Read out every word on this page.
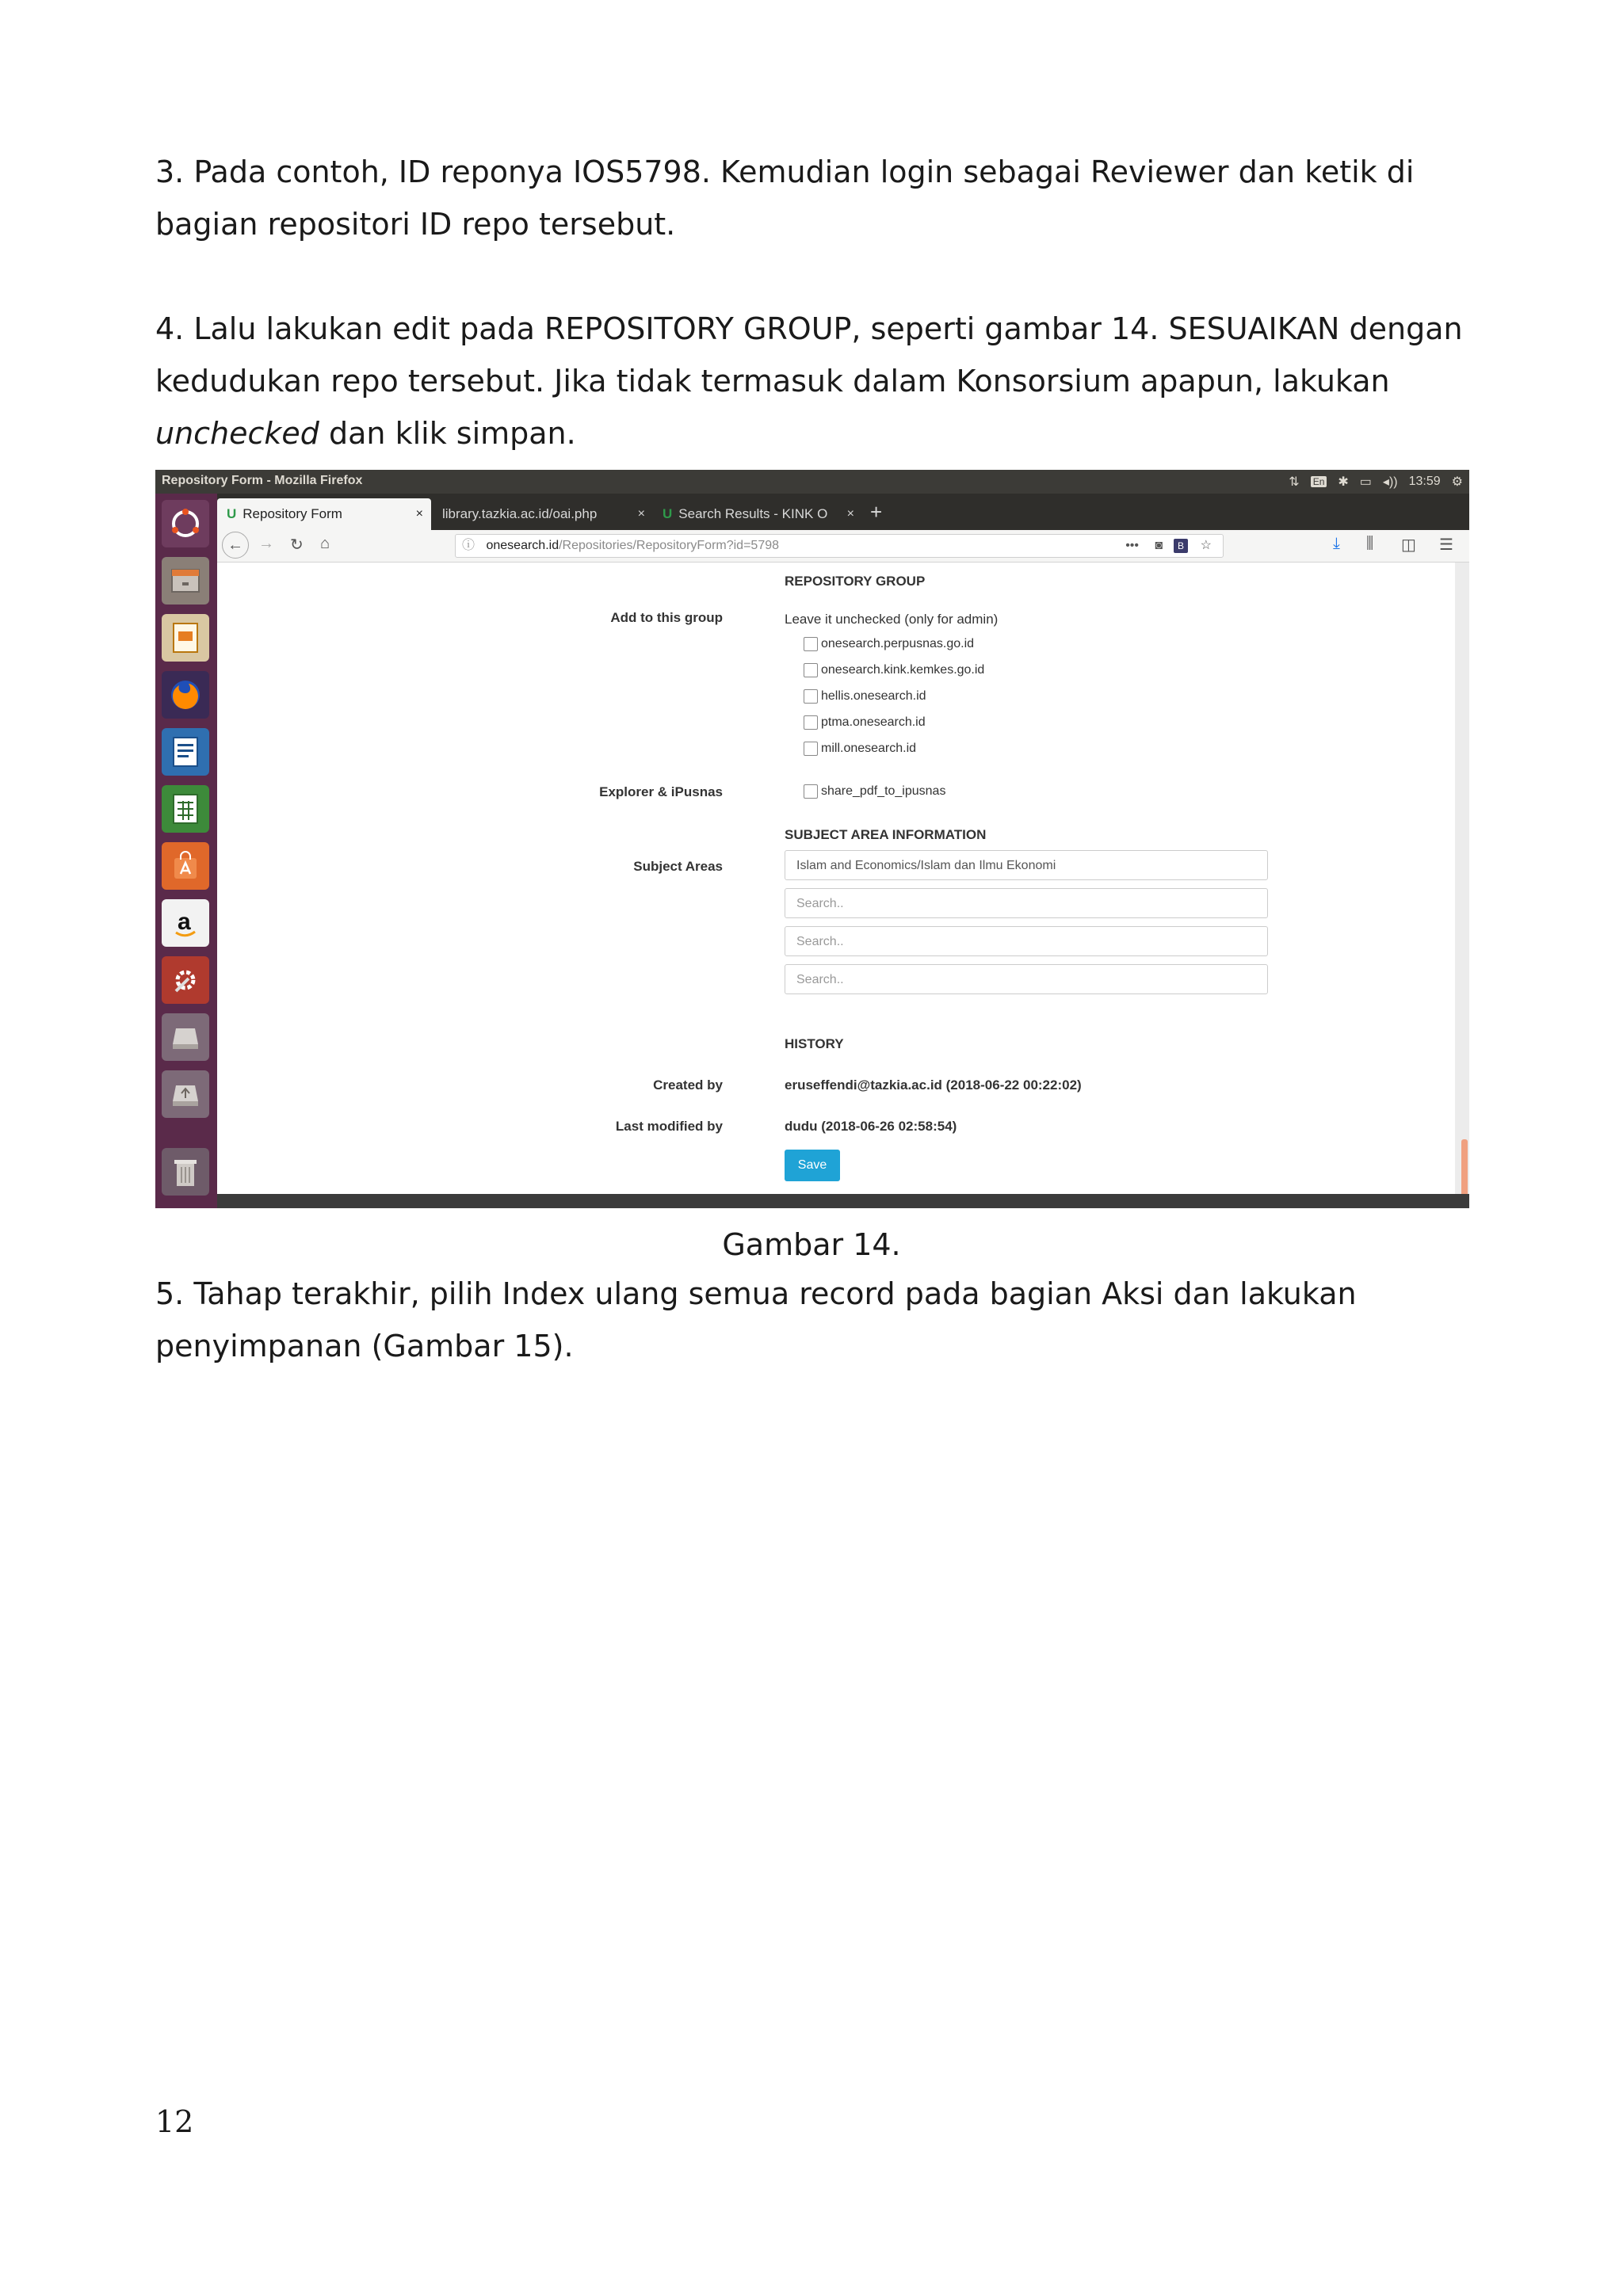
3. Pada contoh, ID reponya IOS5798. Kemudian login sebagai Reviewer dan ketik di
bagian repositori ID repo tersebut.

4. Lalu lakukan edit pada REPOSITORY GROUP, seperti gambar 14. SESUAIKAN dengan
kedudukan repo tersebut. Jika tidak termasuk dalam Konsorsium apapun, lakukan
unchecked dan klik simpan.

Repository Form - Mozilla Firefox	⇅ En ✱ ▭ ◂)) 13:59 ⚙
a
U Repository Form	× library.tazkia.ac.id/oai.php	× U Search Results - KINK O × +
← → ↻ ⌂	ⓘ onesearch.id/Repositories/RepositoryForm?id=5798	••• ◙	B	☆	⤓ ⫼ ◫ ☰
REPOSITORY GROUP
Add to this group	Leave it unchecked (only for admin)
onesearch.perpusnas.go.id
onesearch.kink.kemkes.go.id
hellis.onesearch.id
ptma.onesearch.id
mill.onesearch.id
Explorer & iPusnas	share_pdf_to_ipusnas
SUBJECT AREA INFORMATION
Subject Areas	Islam and Economics/Islam dan Ilmu Ekonomi
Search..
Search..
Search..
HISTORY
Created by	eruseffendi@tazkia.ac.id (2018-06-22 00:22:02)
Last modified by	dudu (2018-06-26 02:58:54)
Save
Gambar 14.

5. Tahap terakhir, pilih Index ulang semua record pada bagian Aksi dan lakukan
penyimpanan (Gambar 15).

12
